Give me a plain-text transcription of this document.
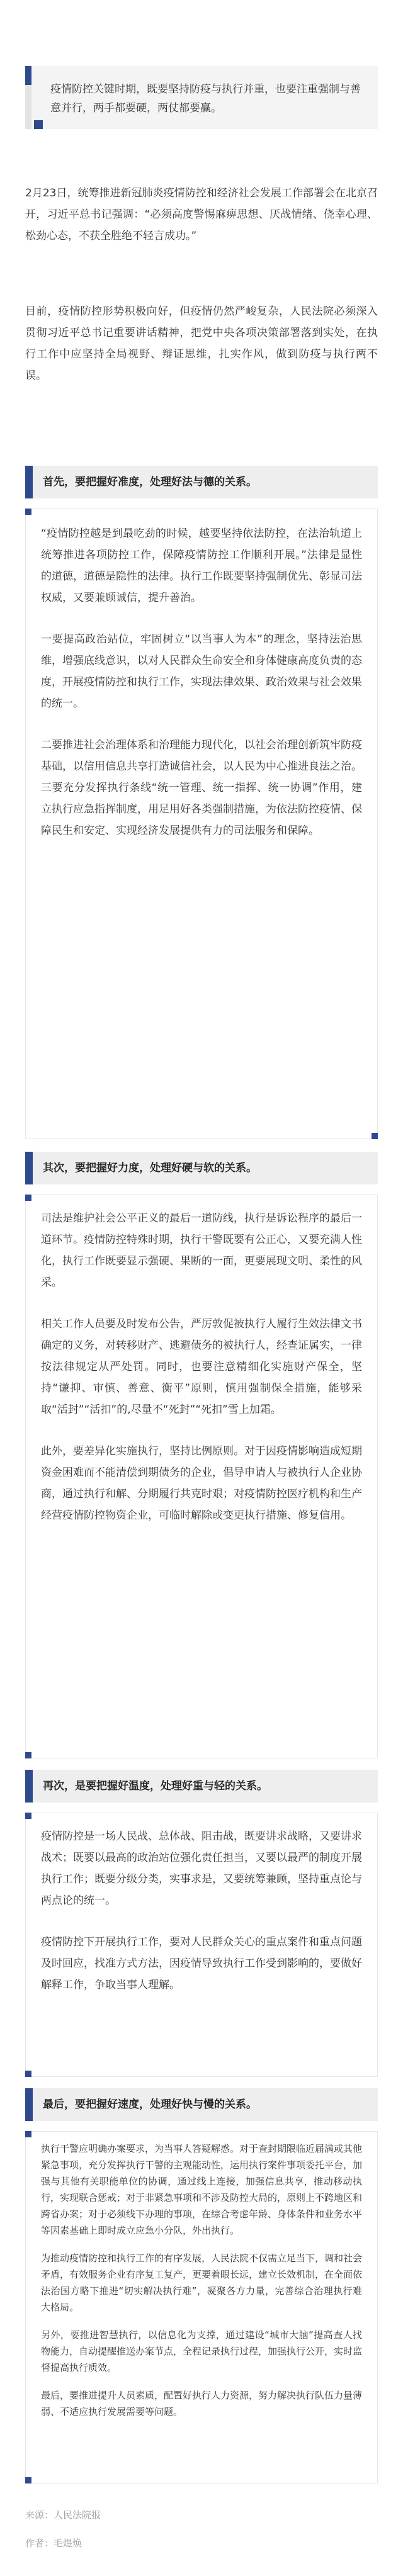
疫情防控关键时期，既要坚持防疫与执行并重，也要注重强制与善意并行，两手都要硬，两仗都要赢。

2月23日，统筹推进新冠肺炎疫情防控和经济社会发展工作部署会在北京召开，习近平总书记强调：“必须高度警惕麻痹思想、厌战情绪、侥幸心理、松劲心态，不获全胜绝不轻言成功。”

目前，疫情防控形势积极向好，但疫情仍然严峻复杂，人民法院必须深入贯彻习近平总书记重要讲话精神，把党中央各项决策部署落到实处，在执行工作中应坚持全局视野、辩证思维，扎实作风，做到防疫与执行两不误。

首先，要把握好准度，处理好法与德的关系。

“疫情防控越是到最吃劲的时候，越要坚持依法防控，在法治轨道上统筹推进各项防控工作，保障疫情防控工作顺利开展。”法律是显性的道德，道德是隐性的法律。执行工作既要坚持强制优先、彰显司法权威，又要兼顾诚信，提升善治。

一要提高政治站位，牢固树立“以当事人为本”的理念，坚持法治思维，增强底线意识，以对人民群众生命安全和身体健康高度负责的态度，开展疫情防控和执行工作，实现法律效果、政治效果与社会效果的统一。

二要推进社会治理体系和治理能力现代化，以社会治理创新筑牢防疫基础，以信用信息共享打造诚信社会，以人民为中心推进良法之治。三要充分发挥执行条线“统一管理、统一指挥、统一协调”作用，建立执行应急指挥制度，用足用好各类强制措施，为依法防控疫情、保障民生和安定、实现经济发展提供有力的司法服务和保障。

其次，要把握好力度，处理好硬与软的关系。

司法是维护社会公平正义的最后一道防线，执行是诉讼程序的最后一道环节。疫情防控特殊时期，执行干警既要有公正心，又要充满人性化，执行工作既要显示强硬、果断的一面，更要展现文明、柔性的风采。

相关工作人员要及时发布公告，严厉敦促被执行人履行生效法律文书确定的义务，对转移财产、逃避债务的被执行人，经查证属实，一律按法律规定从严处罚。同时，也要注意精细化实施财产保全，坚持“谦抑、审慎、善意、衡平”原则，慎用强制保全措施，能够采取“活封”“活扣”的,尽量不“死封”“死扣”雪上加霜。

此外，要差异化实施执行，坚持比例原则。对于因疫情影响造成短期资金困难而不能清偿到期债务的企业，倡导申请人与被执行人企业协商，通过执行和解、分期履行共克时艰；对疫情防控医疗机构和生产经营疫情防控物资企业，可临时解除或变更执行措施、修复信用。

再次，是要把握好温度，处理好重与轻的关系。

疫情防控是一场人民战、总体战、阻击战，既要讲求战略，又要讲求战术；既要以最高的政治站位强化责任担当，又要以最严的制度开展执行工作；既要分级分类，实事求是，又要统筹兼顾，坚持重点论与两点论的统一。

疫情防控下开展执行工作，要对人民群众关心的重点案件和重点问题及时回应，找准方式方法，因疫情导致执行工作受到影响的，要做好解释工作，争取当事人理解。

最后，要把握好速度，处理好快与慢的关系。

执行干警应明确办案要求，为当事人答疑解惑。对于查封期限临近届满或其他紧急事项，充分发挥执行干警的主观能动性，运用执行案件事项委托平台，加强与其他有关职能单位的协调，通过线上连接，加强信息共享，推动移动执行，实现联合惩戒；对于非紧急事项和不涉及防控大局的，原则上不跨地区和跨省办案；对于必须线下办理的事项，在综合考虑年龄、身体条件和业务水平等因素基础上即时成立应急小分队，外出执行。

为推动疫情防控和执行工作的有序发展，人民法院不仅需立足当下，调和社会矛盾，有效服务企业有序复工复产，更要着眼长远，建立长效机制，在全面依法治国方略下推进“切实解决执行难”，凝聚各方力量，完善综合治理执行难大格局。

另外，要推进智慧执行，以信息化为支撑，通过建设“城市大脑”提高查人找物能力，自动提醒推送办案节点，全程记录执行过程，加强执行公开，实时监督提高执行质效。

最后，要推进提升人员素质，配置好执行人力资源，努力解决执行队伍力量薄弱、不适应执行发展需要等问题。

来源：人民法院报

作者：毛煜焕
